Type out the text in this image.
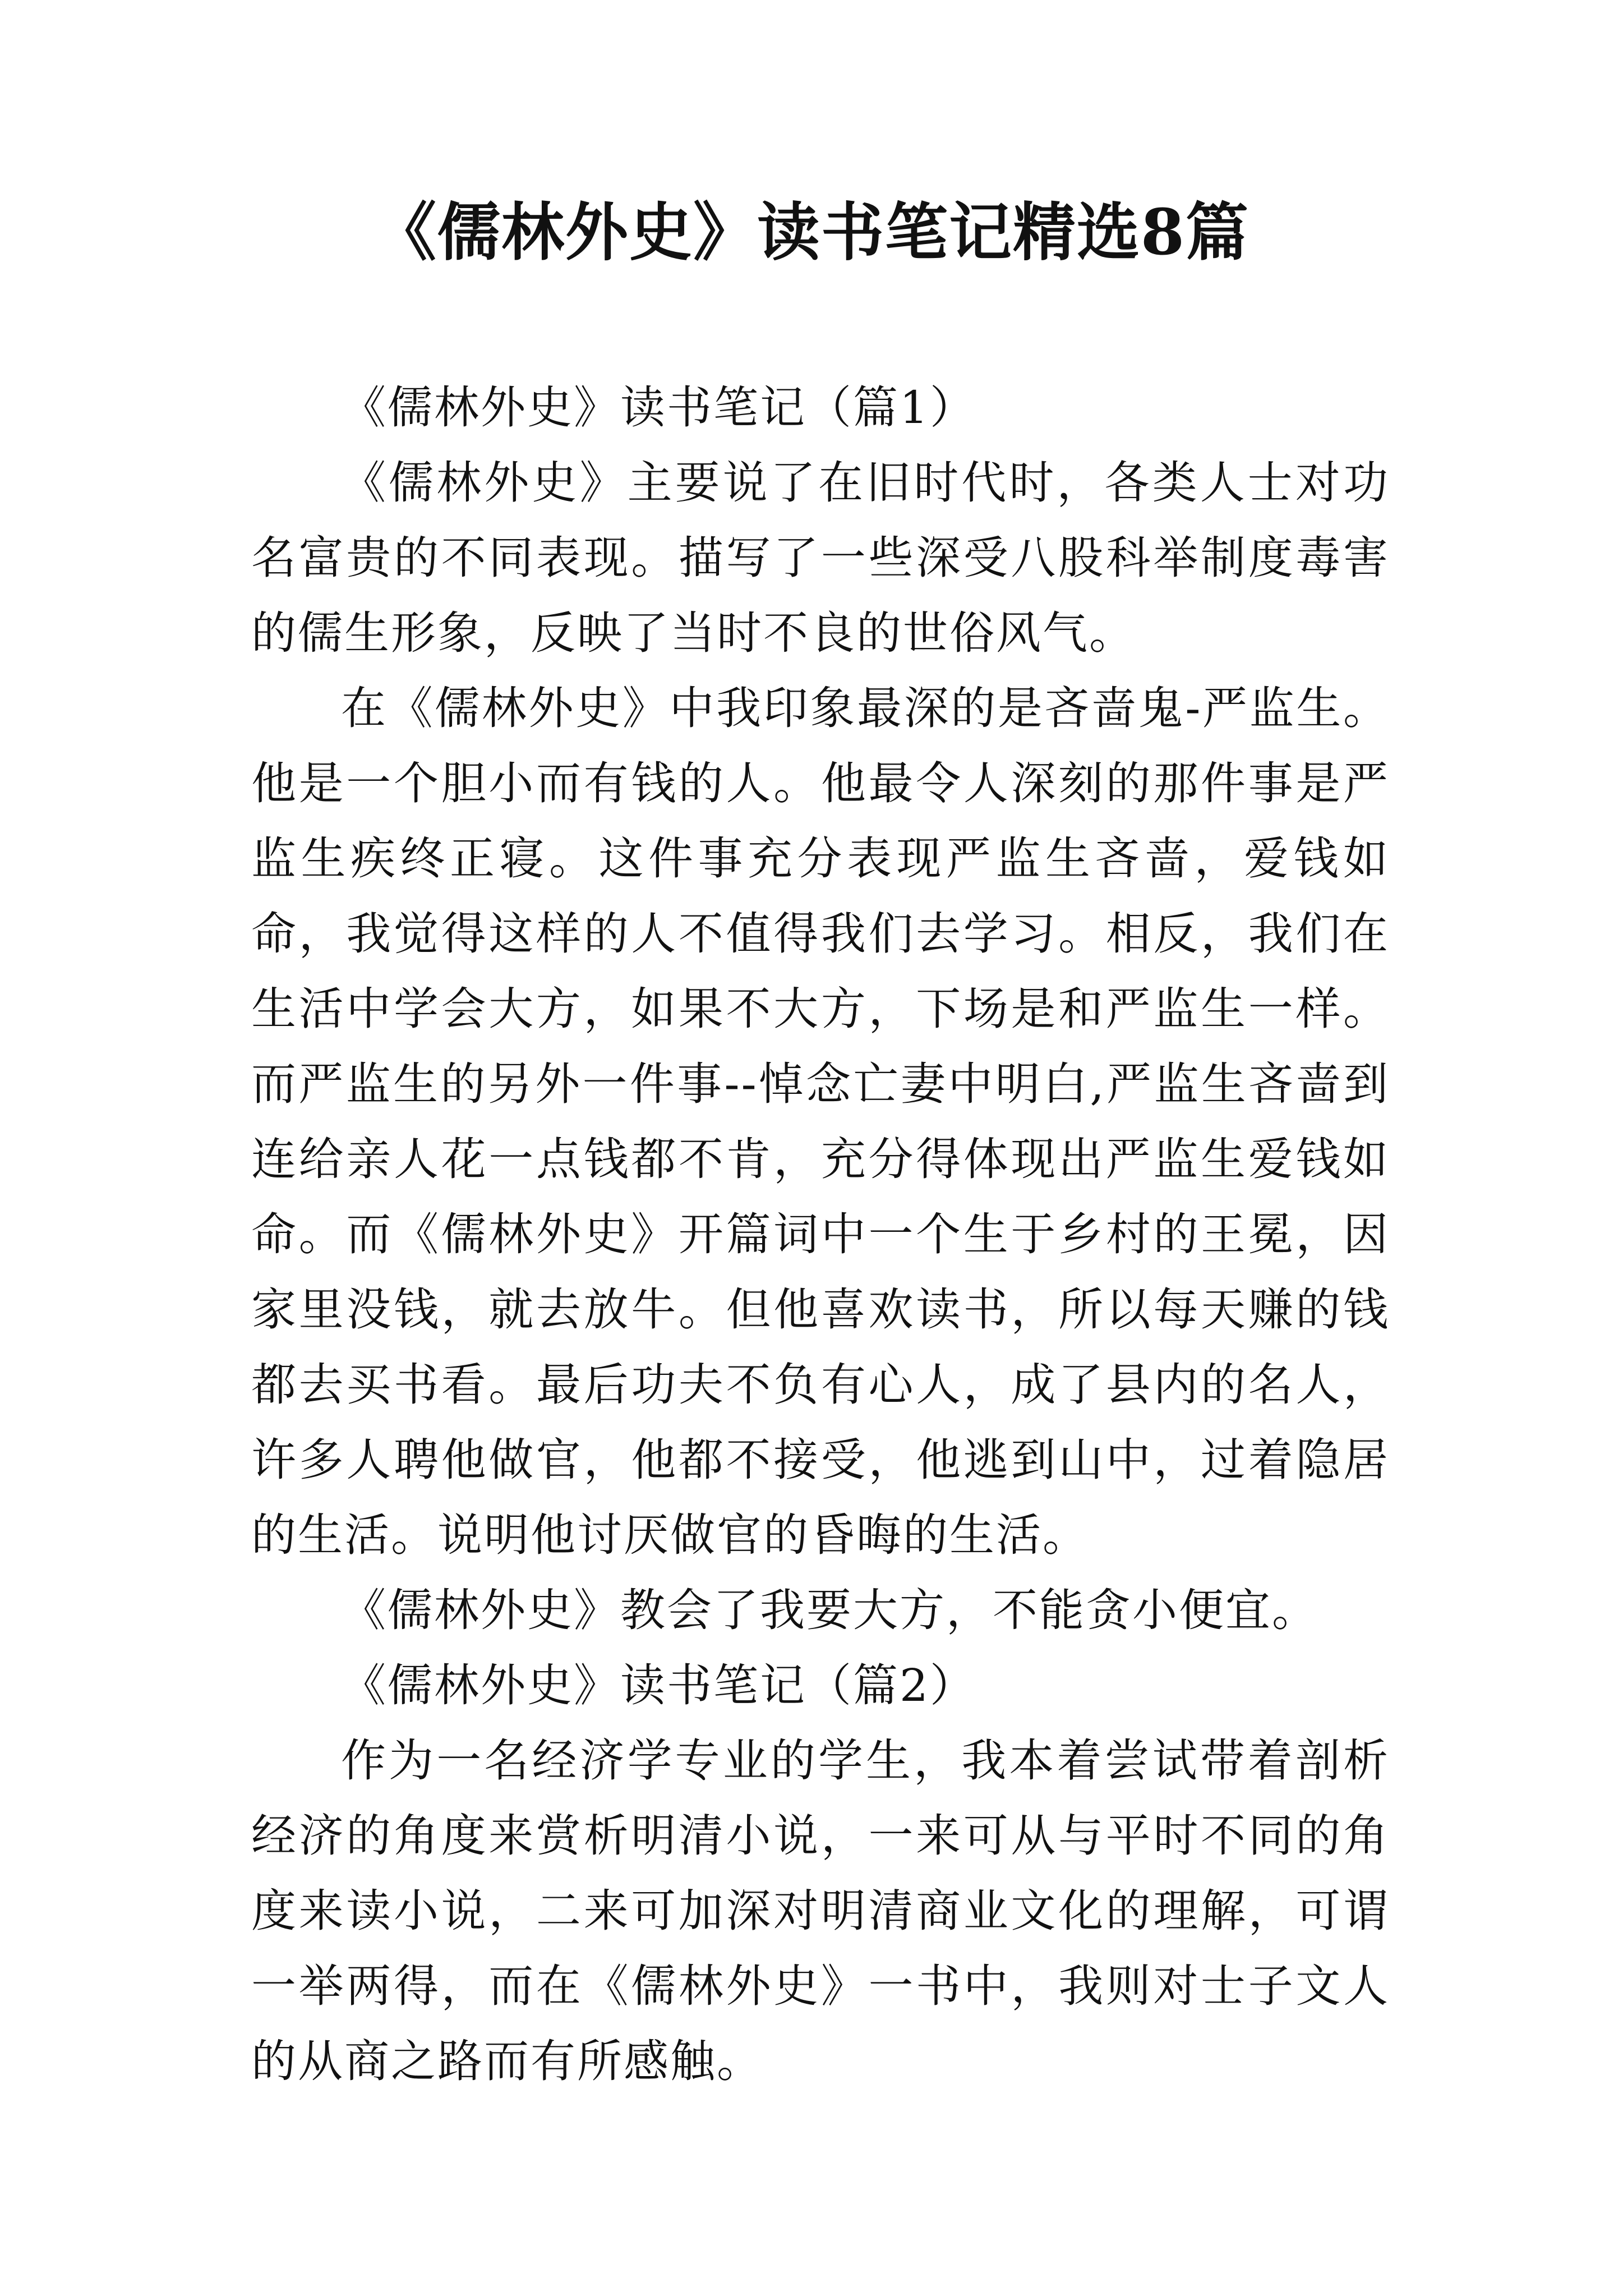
《儒林外史》读书笔记精选8篇

《儒林外史》读书笔记（篇1）

《儒林外史》主要说了在旧时代时，各类人士对功名富贵的不同表现。描写了一些深受八股科举制度毒害的儒生形象，反映了当时不良的世俗风气。

在《儒林外史》中我印象最深的是吝啬鬼-严监生。他是一个胆小而有钱的人。他最令人深刻的那件事是严监生疾终正寝。这件事充分表现严监生吝啬，爱钱如命，我觉得这样的人不值得我们去学习。相反，我们在生活中学会大方，如果不大方，下场是和严监生一样。而严监生的另外一件事--悼念亡妻中明白,严监生吝啬到连给亲人花一点钱都不肯，充分得体现出严监生爱钱如命。而《儒林外史》开篇词中一个生于乡村的王冕，因家里没钱，就去放牛。但他喜欢读书，所以每天赚的钱都去买书看。最后功夫不负有心人，成了县内的名人，许多人聘他做官，他都不接受，他逃到山中，过着隐居的生活。说明他讨厌做官的昏晦的生活。

《儒林外史》教会了我要大方，不能贪小便宜。

《儒林外史》读书笔记（篇2）

作为一名经济学专业的学生，我本着尝试带着剖析经济的角度来赏析明清小说，一来可从与平时不同的角度来读小说，二来可加深对明清商业文化的理解，可谓一举两得，而在《儒林外史》一书中，我则对士子文人的从商之路而有所感触。
